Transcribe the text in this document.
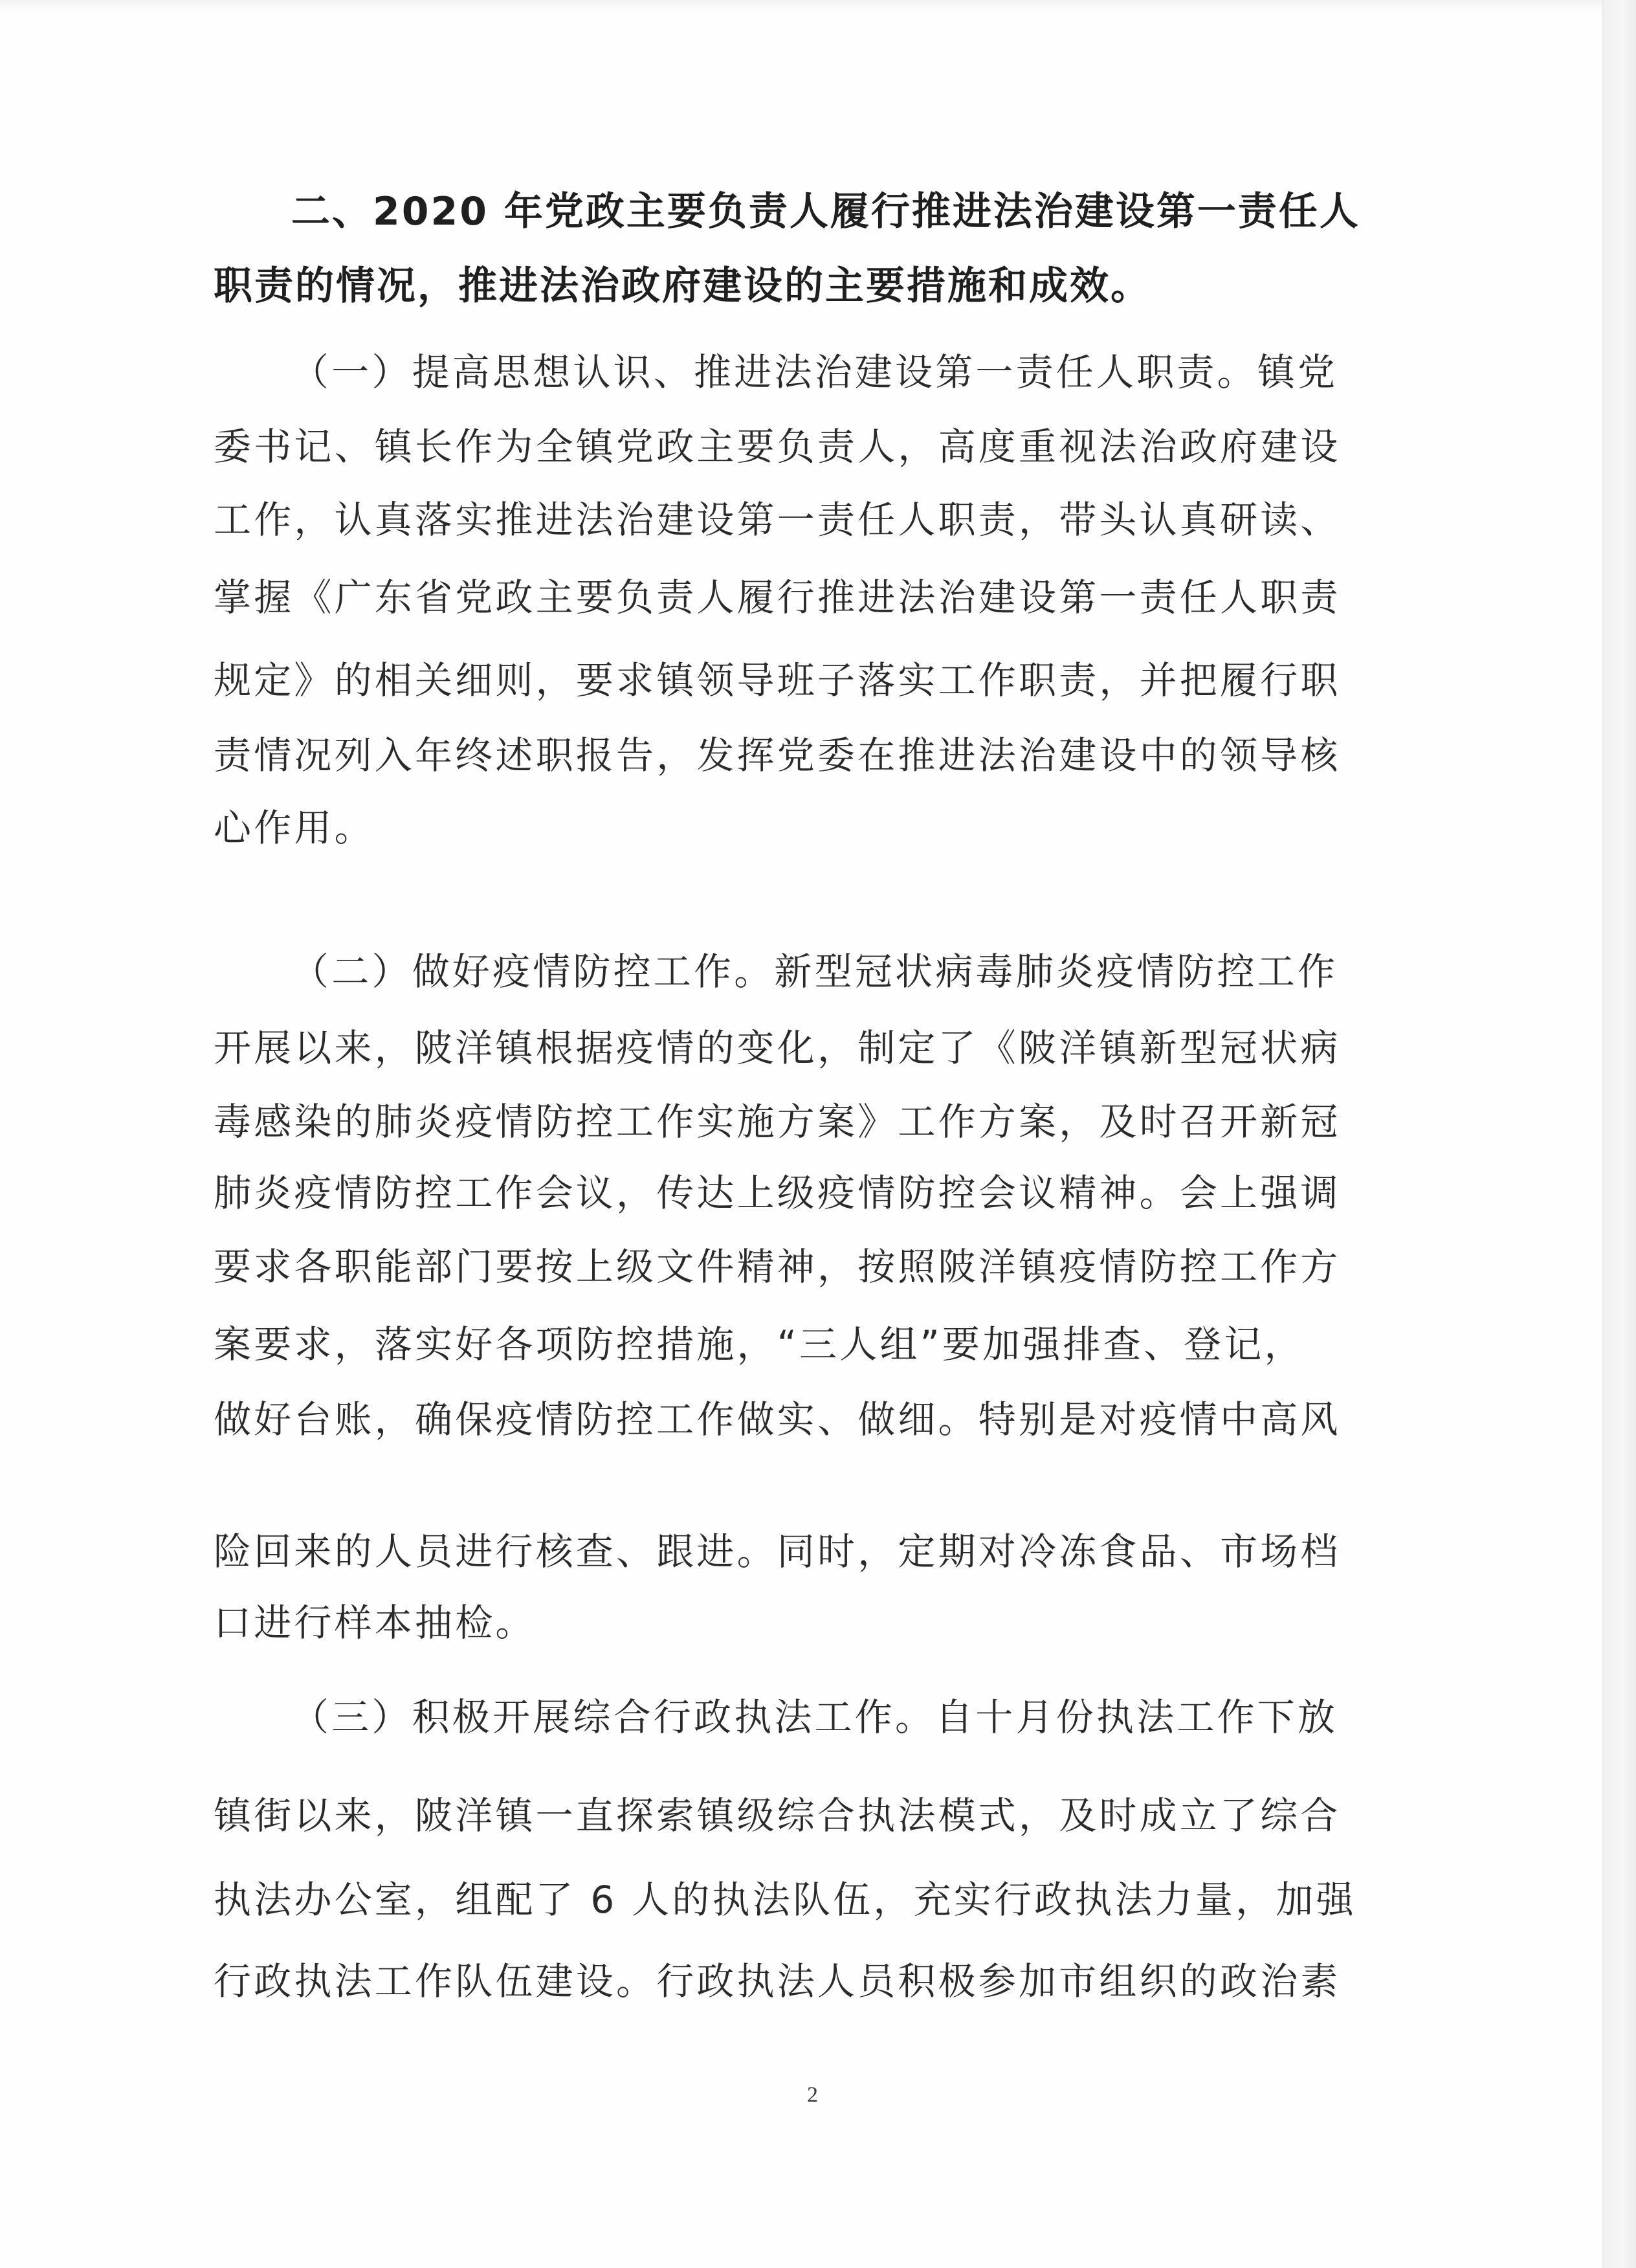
二、2020 年党政主要负责人履行推进法治建设第一责任人
职责的情况，推进法治政府建设的主要措施和成效。
（一）提高思想认识、推进法治建设第一责任人职责。镇党
委书记、镇长作为全镇党政主要负责人，高度重视法治政府建设
工作，认真落实推进法治建设第一责任人职责，带头认真研读、
掌握《广东省党政主要负责人履行推进法治建设第一责任人职责
规定》的相关细则，要求镇领导班子落实工作职责，并把履行职
责情况列入年终述职报告，发挥党委在推进法治建设中的领导核
心作用。
（二）做好疫情防控工作。新型冠状病毒肺炎疫情防控工作
开展以来，陂洋镇根据疫情的变化，制定了《陂洋镇新型冠状病
毒感染的肺炎疫情防控工作实施方案》工作方案，及时召开新冠
肺炎疫情防控工作会议，传达上级疫情防控会议精神。会上强调
要求各职能部门要按上级文件精神，按照陂洋镇疫情防控工作方
案要求，落实好各项防控措施，“三人组”要加强排查、登记，
做好台账，确保疫情防控工作做实、做细。特别是对疫情中高风
险回来的人员进行核查、跟进。同时，定期对冷冻食品、市场档
口进行样本抽检。
（三）积极开展综合行政执法工作。自十月份执法工作下放
镇街以来，陂洋镇一直探索镇级综合执法模式，及时成立了综合
执法办公室，组配了 6 人的执法队伍，充实行政执法力量，加强
行政执法工作队伍建设。行政执法人员积极参加市组织的政治素
2
